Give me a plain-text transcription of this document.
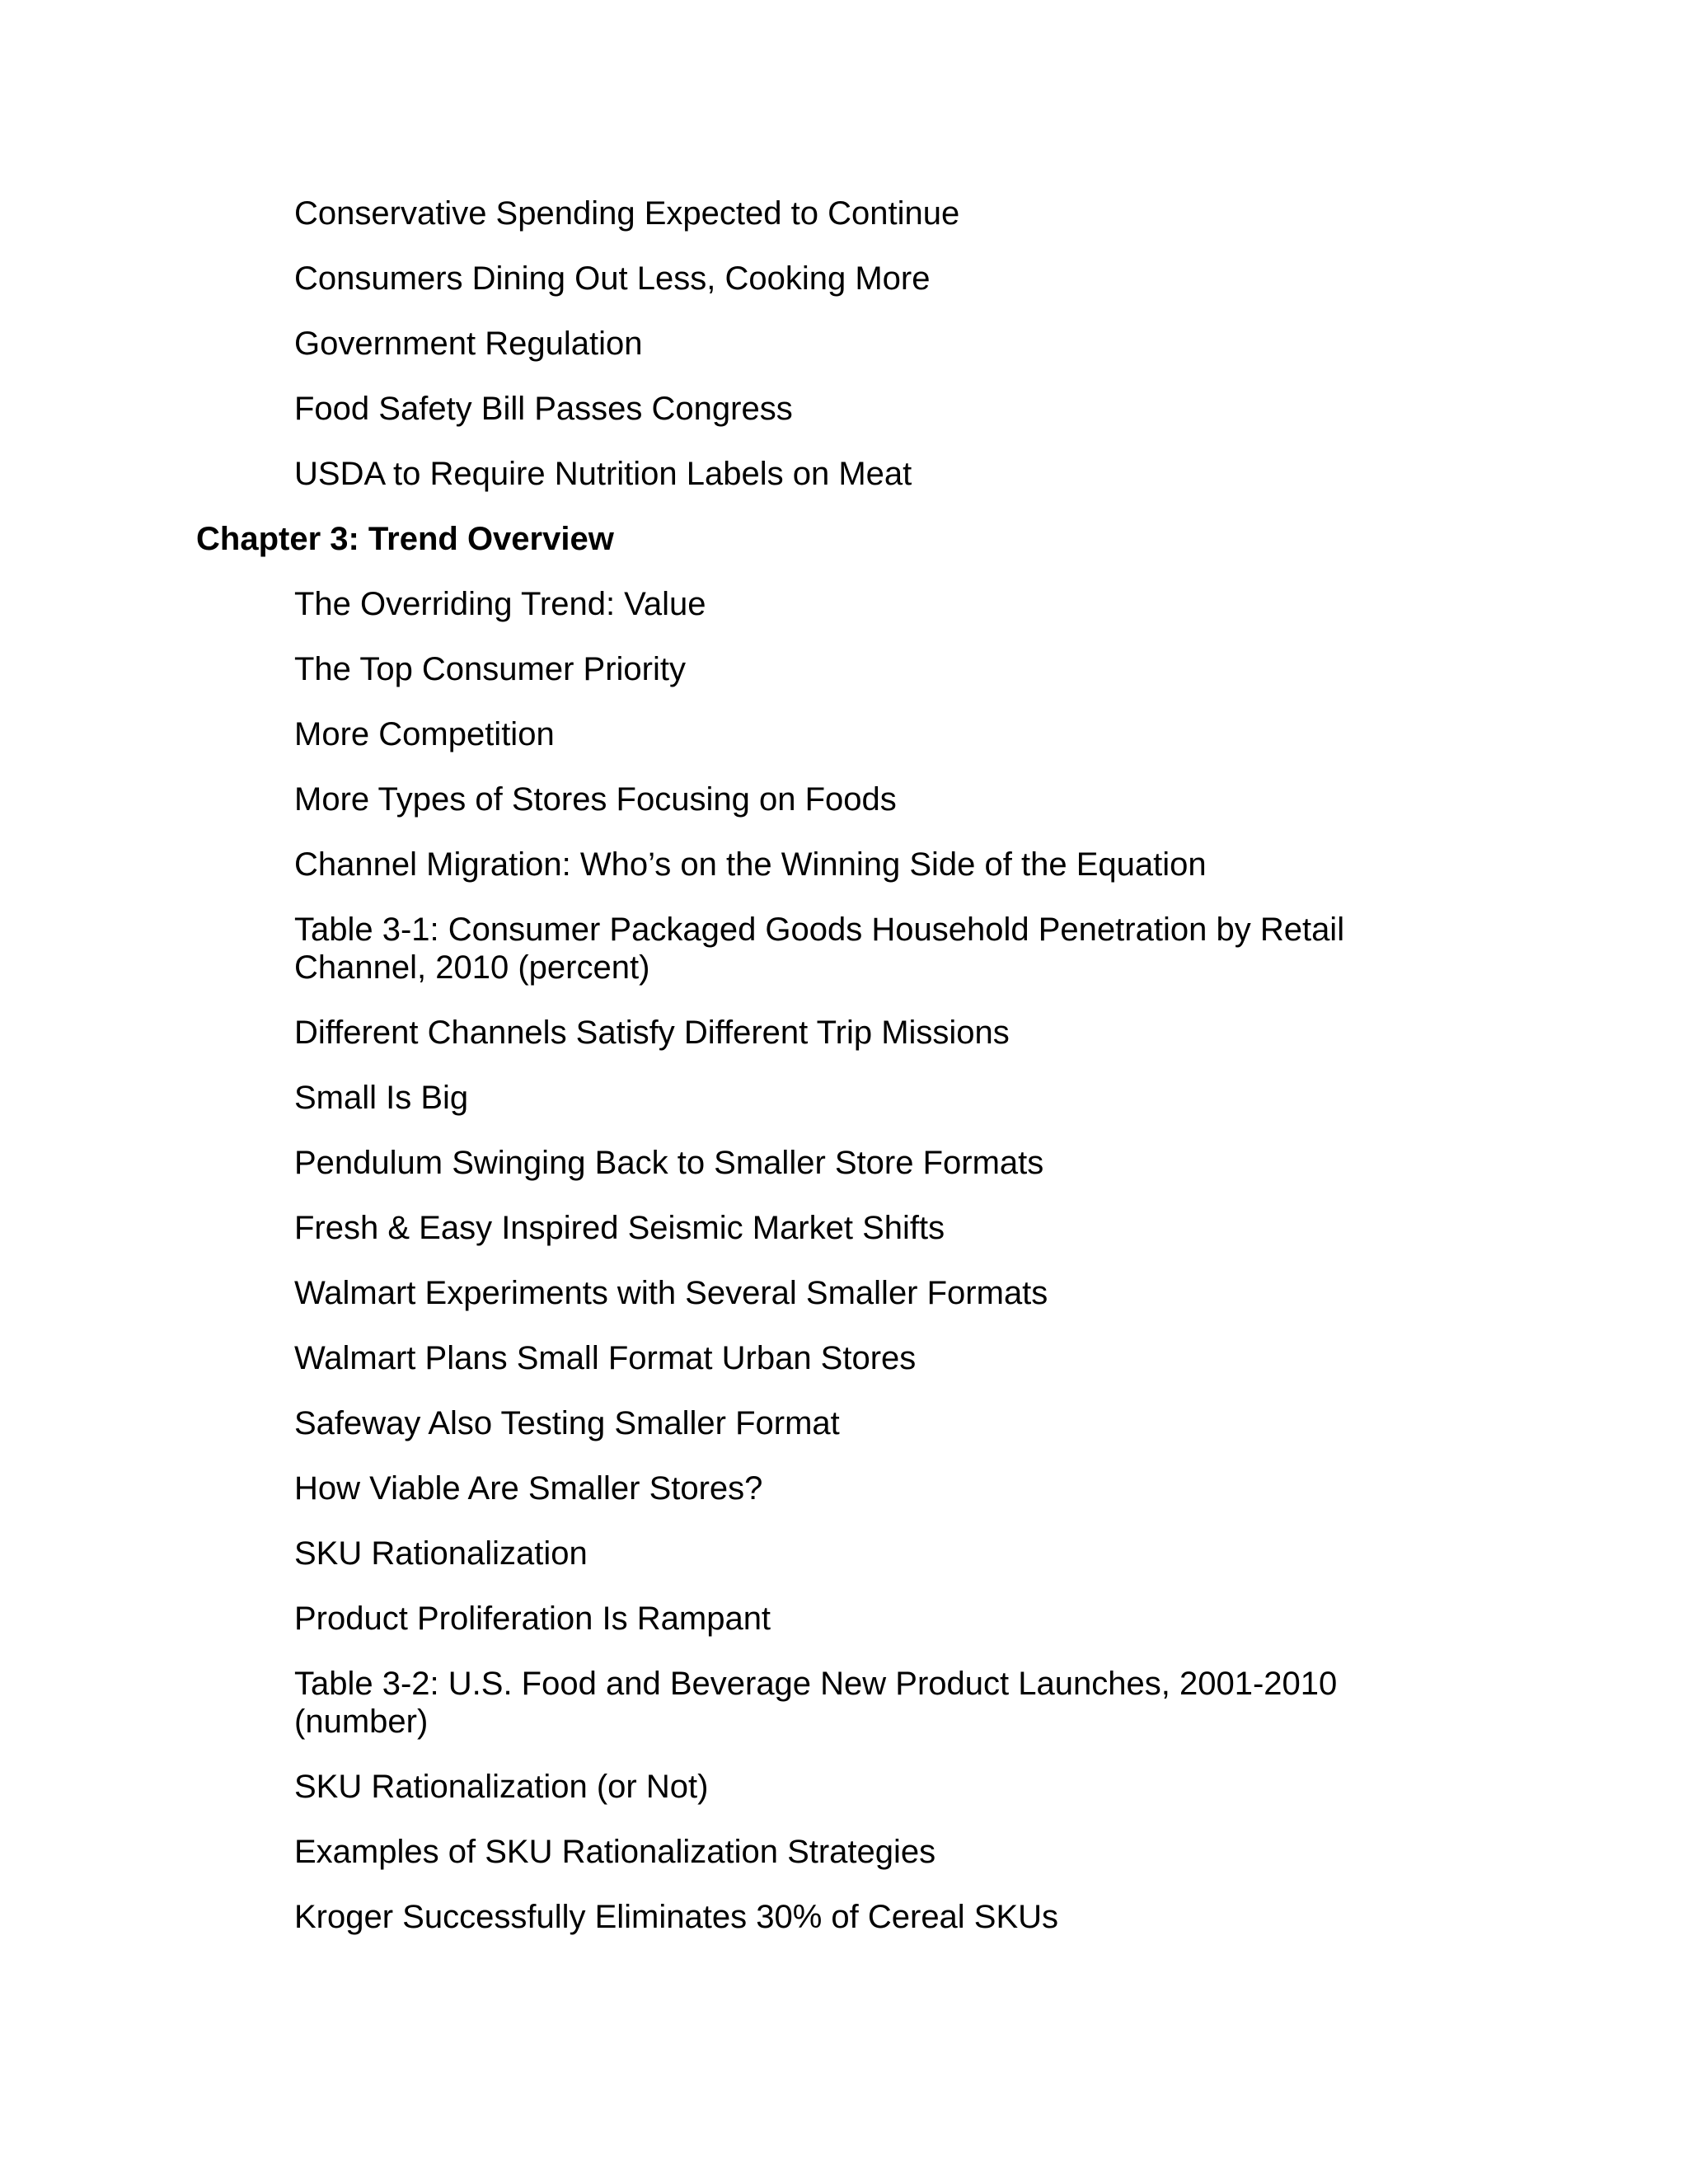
Conservative Spending Expected to Continue
Consumers Dining Out Less, Cooking More
Government Regulation
Food Safety Bill Passes Congress
USDA to Require Nutrition Labels on Meat
Chapter 3: Trend Overview
The Overriding Trend: Value
The Top Consumer Priority
More Competition
More Types of Stores Focusing on Foods
Channel Migration: Who’s on the Winning Side of the Equation
Table 3-1: Consumer Packaged Goods Household Penetration by Retail Channel, 2010 (percent)
Different Channels Satisfy Different Trip Missions
Small Is Big
Pendulum Swinging Back to Smaller Store Formats
Fresh & Easy Inspired Seismic Market Shifts
Walmart Experiments with Several Smaller Formats
Walmart Plans Small Format Urban Stores
Safeway Also Testing Smaller Format
How Viable Are Smaller Stores?
SKU Rationalization
Product Proliferation Is Rampant
Table 3-2: U.S. Food and Beverage New Product Launches, 2001-2010 (number)
SKU Rationalization (or Not)
Examples of SKU Rationalization Strategies
Kroger Successfully Eliminates 30% of Cereal SKUs
